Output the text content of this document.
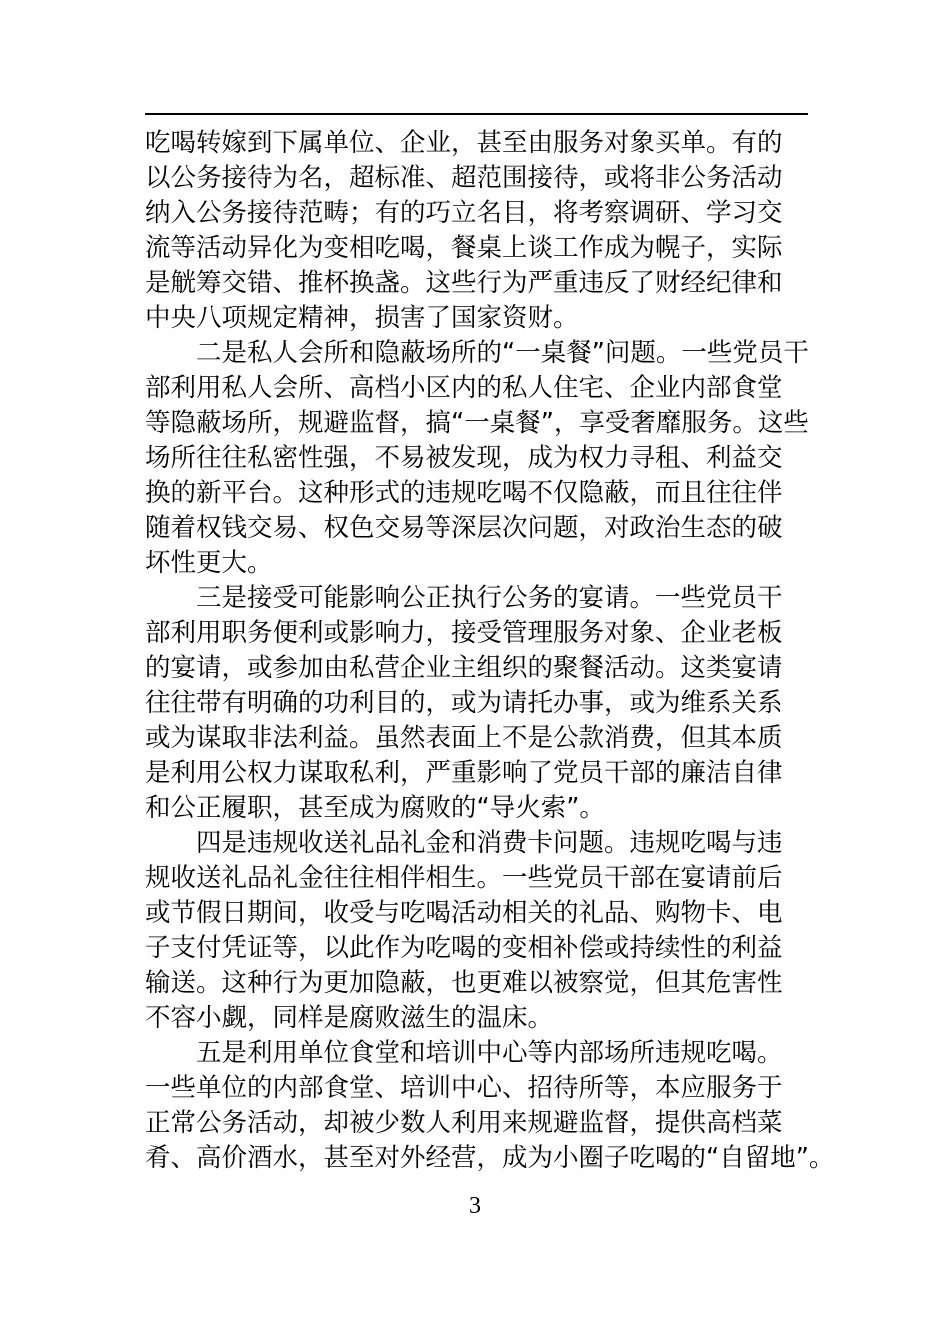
吃喝转嫁到下属单位、企业，甚至由服务对象买单。有的
以公务接待为名，超标准、超范围接待，或将非公务活动
纳入公务接待范畴；有的巧立名目，将考察调研、学习交
流等活动异化为变相吃喝，餐桌上谈工作成为幌子，实际
是觥筹交错、推杯换盏。这些行为严重违反了财经纪律和
中央八项规定精神，损害了国家资财。
二是私人会所和隐蔽场所的“一桌餐”问题。一些党员干
部利用私人会所、高档小区内的私人住宅、企业内部食堂
等隐蔽场所，规避监督，搞“一桌餐”，享受奢靡服务。这些
场所往往私密性强，不易被发现，成为权力寻租、利益交
换的新平台。这种形式的违规吃喝不仅隐蔽，而且往往伴
随着权钱交易、权色交易等深层次问题，对政治生态的破
坏性更大。
三是接受可能影响公正执行公务的宴请。一些党员干
部利用职务便利或影响力，接受管理服务对象、企业老板
的宴请，或参加由私营企业主组织的聚餐活动。这类宴请
往往带有明确的功利目的，或为请托办事，或为维系关系
或为谋取非法利益。虽然表面上不是公款消费，但其本质
是利用公权力谋取私利，严重影响了党员干部的廉洁自律
和公正履职，甚至成为腐败的“导火索”。
四是违规收送礼品礼金和消费卡问题。违规吃喝与违
规收送礼品礼金往往相伴相生。一些党员干部在宴请前后
或节假日期间，收受与吃喝活动相关的礼品、购物卡、电
子支付凭证等，以此作为吃喝的变相补偿或持续性的利益
输送。这种行为更加隐蔽，也更难以被察觉，但其危害性
不容小觑，同样是腐败滋生的温床。
五是利用单位食堂和培训中心等内部场所违规吃喝。
一些单位的内部食堂、培训中心、招待所等，本应服务于
正常公务活动，却被少数人利用来规避监督，提供高档菜
肴、高价酒水，甚至对外经营，成为小圈子吃喝的“自留地”。
3
